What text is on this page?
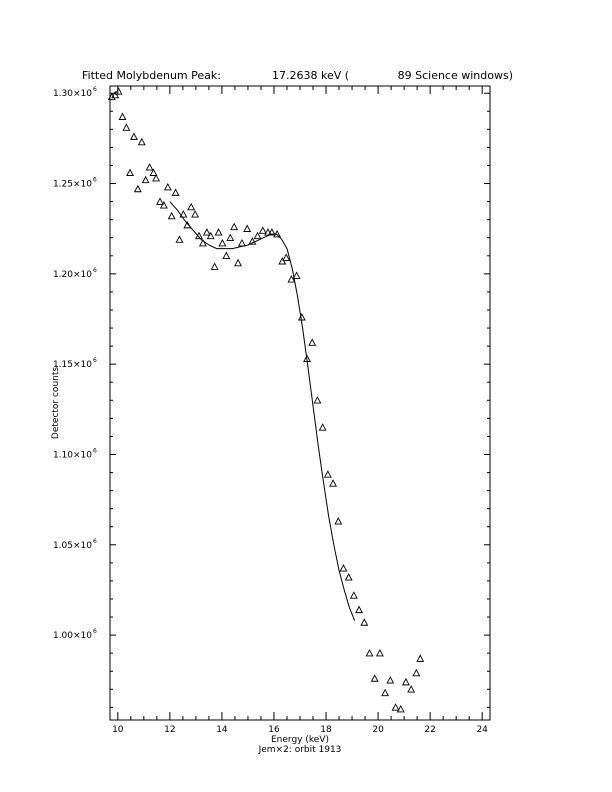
Fitted Molybdenum Peak:	17.2638 keV (	89 Science windows)
1.00×10 6
1.05×10 6
1.10×10 6
1.15×10 6
1.20×10 6
1.25×10 6
1.30×10 6
10	12	14	16	18	20	22	24
Energy (keV)
Jem×2: orbit 1913
Detector counts
